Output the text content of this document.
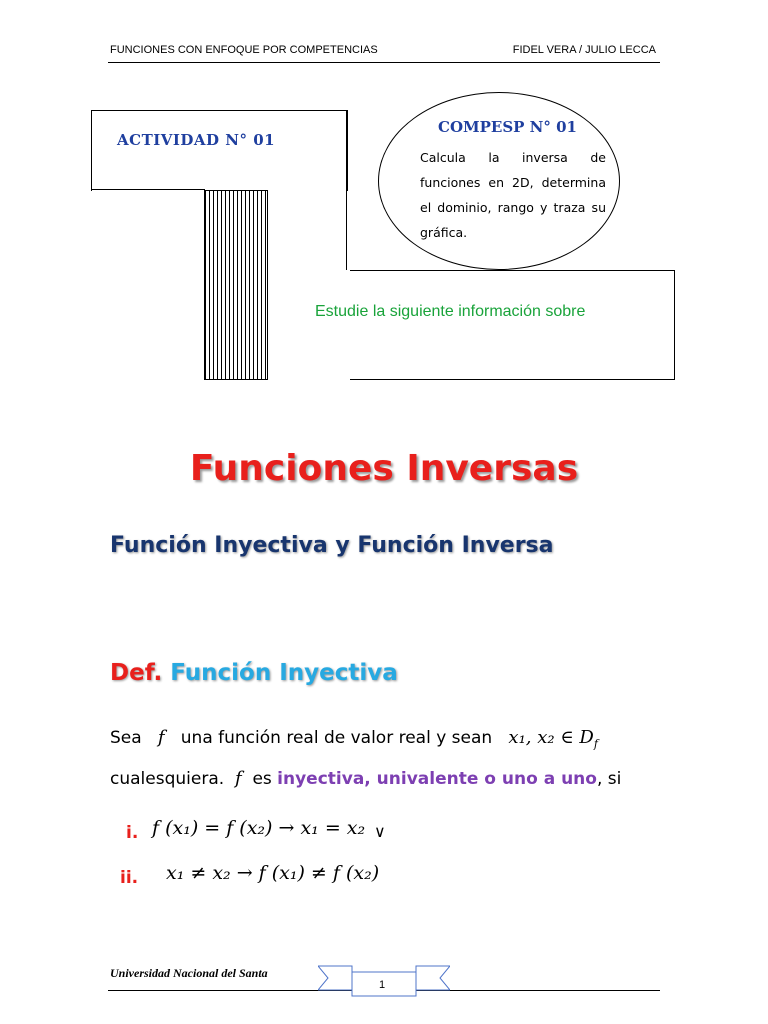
FUNCIONES CON ENFOQUE POR COMPETENCIAS	FIDEL VERA / JULIO LECCA
ACTIVIDAD N° 01
Estudie la siguiente información sobre
COMPESP N° 01
Calcula la inversa de funciones en 2D, determina el dominio, rango y traza su gráfica.
Funciones Inversas
Función Inyectiva y Función Inversa
Def. Función Inyectiva
Sea f una función real de valor real y sean x₁, x₂ ∈ $D_f$
cualesquiera. f es inyectiva, univalente o uno a uno, si
i. f (x₁) = f (x₂) → x₁ = x₂ ∨
ii. x₁ ≠ x₂ → f (x₁) ≠ f (x₂)
Universidad Nacional del Santa
1
